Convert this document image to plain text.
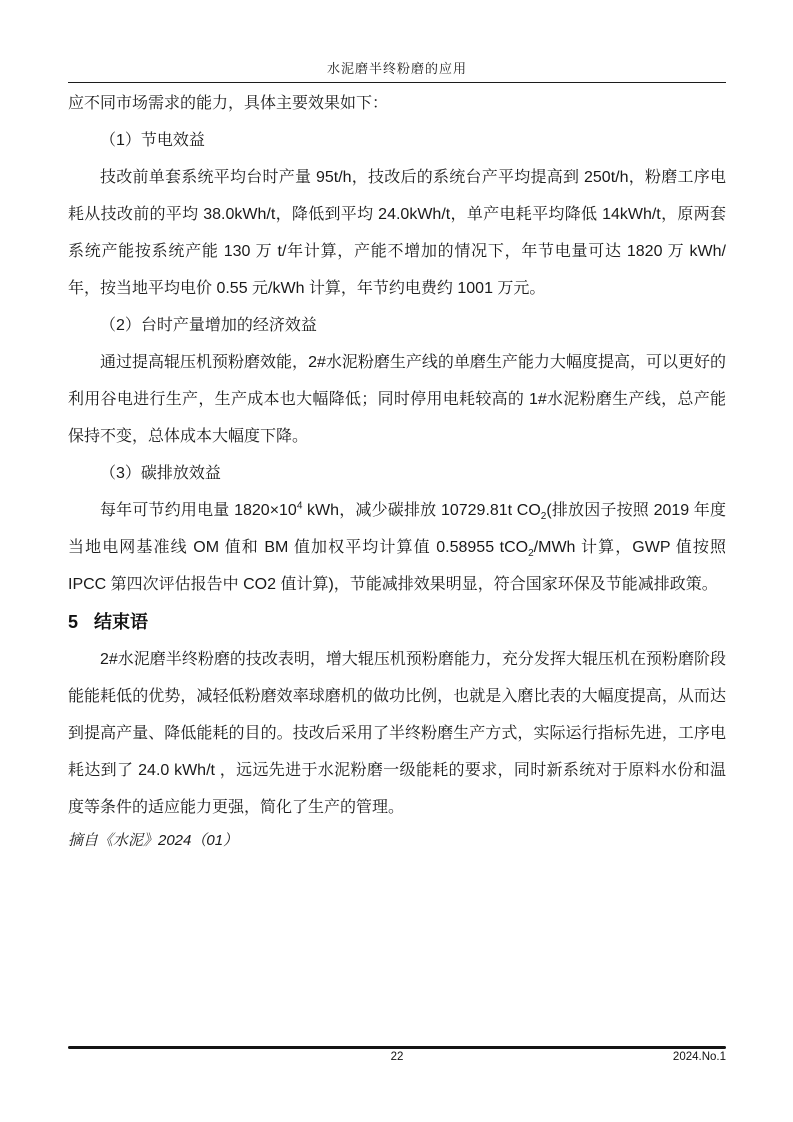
水泥磨半终粉磨的应用

应不同市场需求的能力，具体主要效果如下：

（1）节电效益

技改前单套系统平均台时产量 95t/h，技改后的系统台产平均提高到 250t/h，粉磨工序电耗从技改前的平均 38.0kWh/t，降低到平均 24.0kWh/t，单产电耗平均降低 14kWh/t，原两套系统产能按系统产能 130 万 t/年计算，产能不增加的情况下，年节电量可达 1820 万 kWh/年，按当地平均电价 0.55 元/kWh 计算，年节约电费约 1001 万元。

（2）台时产量增加的经济效益

通过提高辊压机预粉磨效能，2#水泥粉磨生产线的单磨生产能力大幅度提高，可以更好的利用谷电进行生产，生产成本也大幅降低；同时停用电耗较高的 1#水泥粉磨生产线，总产能保持不变，总体成本大幅度下降。

（3）碳排放效益

每年可节约用电量 $1820\times 10^4$ kWh，减少碳排放 10729.81t $CO_2$(排放因子按照 2019 年度当地电网基准线 OM 值和 BM 值加权平均计算值 0.58955 tCO$_2$/MWh 计算，GWP 值按照 IPCC 第四次评估报告中 CO2 值计算)，节能减排效果明显，符合国家环保及节能减排政策。

5 结束语

2#水泥磨半终粉磨的技改表明，增大辊压机预粉磨能力，充分发挥大辊压机在预粉磨阶段能能耗低的优势，减轻低粉磨效率球磨机的做功比例，也就是入磨比表的大幅度提高，从而达到提高产量、降低能耗的目的。技改后采用了半终粉磨生产方式，实际运行指标先进，工序电耗达到了 24.0 kWh/t ，远远先进于水泥粉磨一级能耗的要求，同时新系统对于原料水份和温度等条件的适应能力更强，简化了生产的管理。

摘自《水泥》2024（01）

22	2024.No.1
